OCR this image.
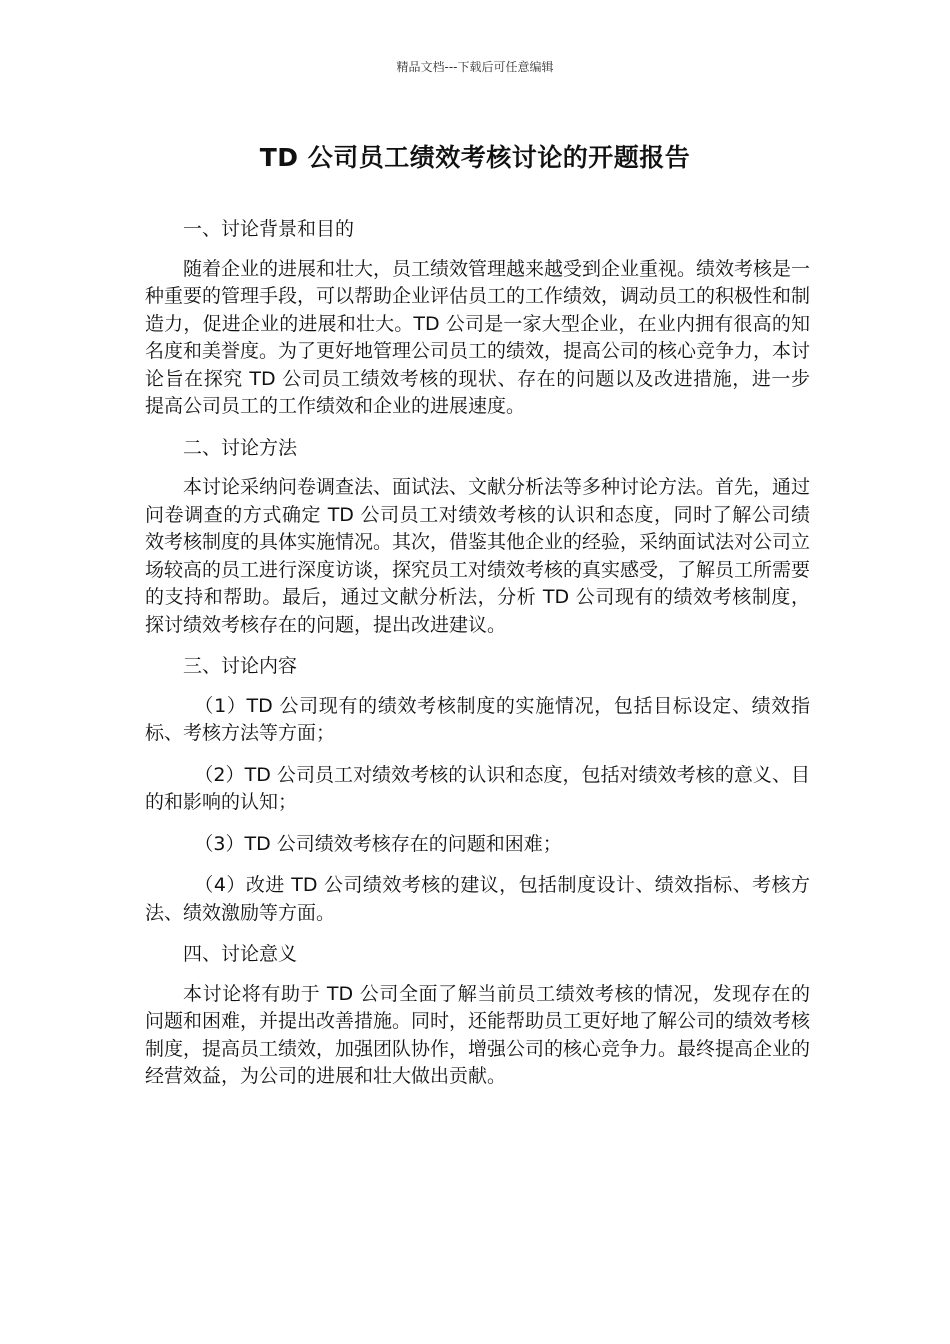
精品文档---下载后可任意编辑
TD 公司员工绩效考核讨论的开题报告

一、讨论背景和目的

随着企业的进展和壮大，员工绩效管理越来越受到企业重视。绩效考核是一种重要的管理手段，可以帮助企业评估员工的工作绩效，调动员工的积极性和制造力，促进企业的进展和壮大。TD 公司是一家大型企业，在业内拥有很高的知名度和美誉度。为了更好地管理公司员工的绩效，提高公司的核心竞争力，本讨论旨在探究 TD 公司员工绩效考核的现状、存在的问题以及改进措施，进一步提高公司员工的工作绩效和企业的进展速度。

二、讨论方法

本讨论采纳问卷调查法、面试法、文献分析法等多种讨论方法。首先，通过问卷调查的方式确定 TD 公司员工对绩效考核的认识和态度，同时了解公司绩效考核制度的具体实施情况。其次，借鉴其他企业的经验，采纳面试法对公司立场较高的员工进行深度访谈，探究员工对绩效考核的真实感受，了解员工所需要的支持和帮助。最后，通过文献分析法，分析 TD 公司现有的绩效考核制度，探讨绩效考核存在的问题，提出改进建议。

三、讨论内容

（1）TD 公司现有的绩效考核制度的实施情况，包括目标设定、绩效指标、考核方法等方面；

（2）TD 公司员工对绩效考核的认识和态度，包括对绩效考核的意义、目的和影响的认知；

（3）TD 公司绩效考核存在的问题和困难；

（4）改进 TD 公司绩效考核的建议，包括制度设计、绩效指标、考核方法、绩效激励等方面。

四、讨论意义

本讨论将有助于 TD 公司全面了解当前员工绩效考核的情况，发现存在的问题和困难，并提出改善措施。同时，还能帮助员工更好地了解公司的绩效考核制度，提高员工绩效，加强团队协作，增强公司的核心竞争力。最终提高企业的经营效益，为公司的进展和壮大做出贡献。
